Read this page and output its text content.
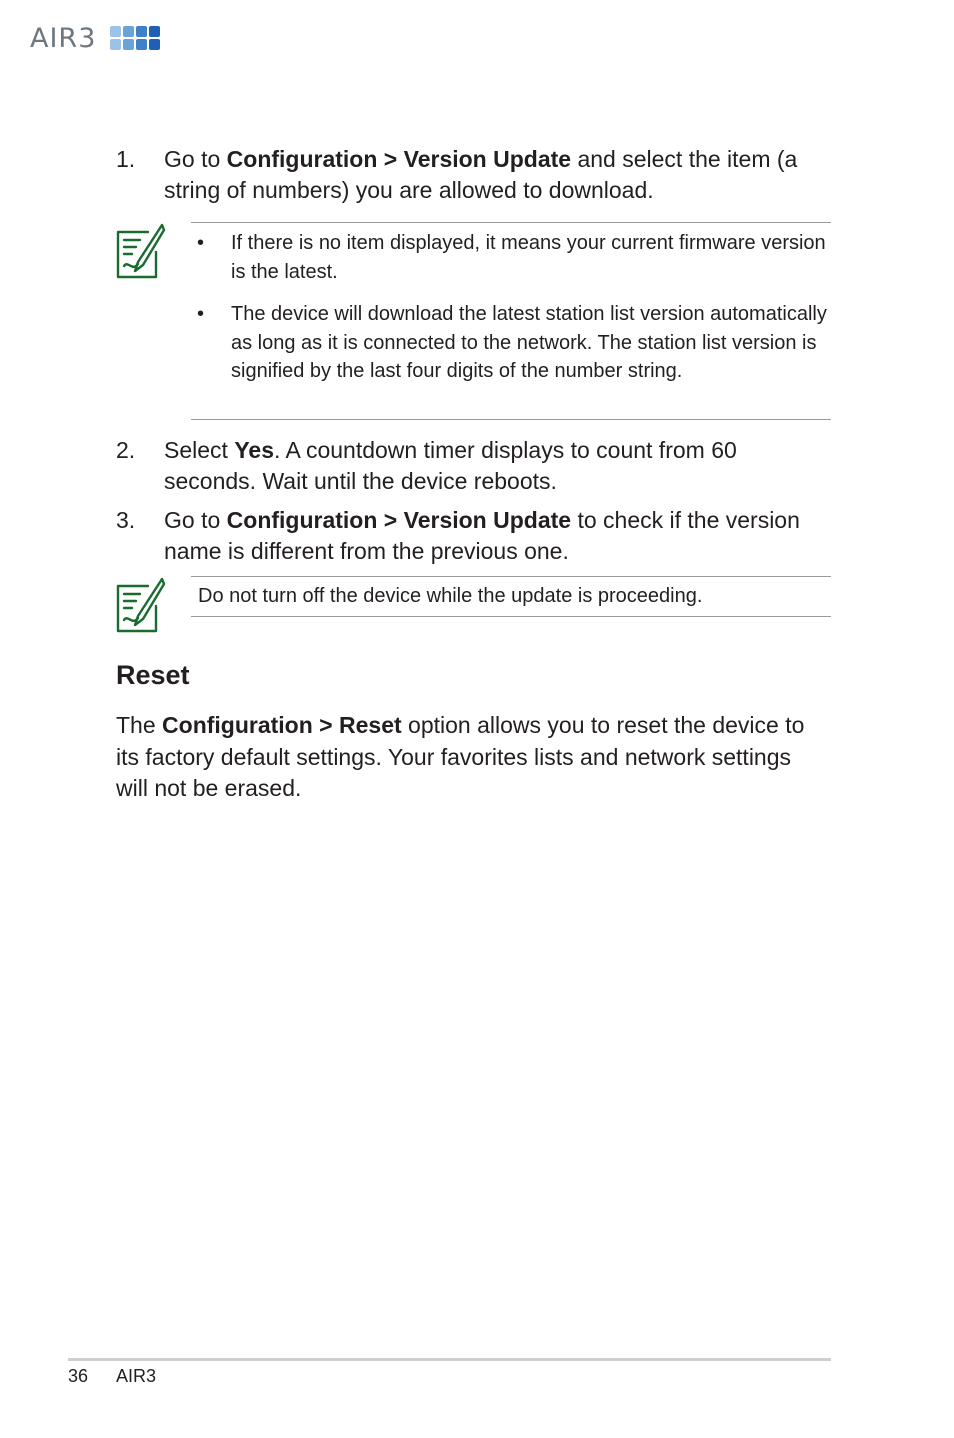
AIR3
1. Go to Configuration > Version Update and select the item (a string of numbers) you are allowed to download.
• If there is no item displayed, it means your current firmware version is the latest.
• The device will download the latest station list version automatically as long as it is connected to the network. The station list version is signified by the last four digits of the number string.
2. Select Yes. A countdown timer displays to count from 60 seconds. Wait until the device reboots.
3. Go to Configuration > Version Update to check if the version name is different from the previous one.
Do not turn off the device while the update is proceeding.
Reset
The Configuration > Reset option allows you to reset the device to its factory default settings. Your favorites lists and network settings will not be erased.
36 AIR3
